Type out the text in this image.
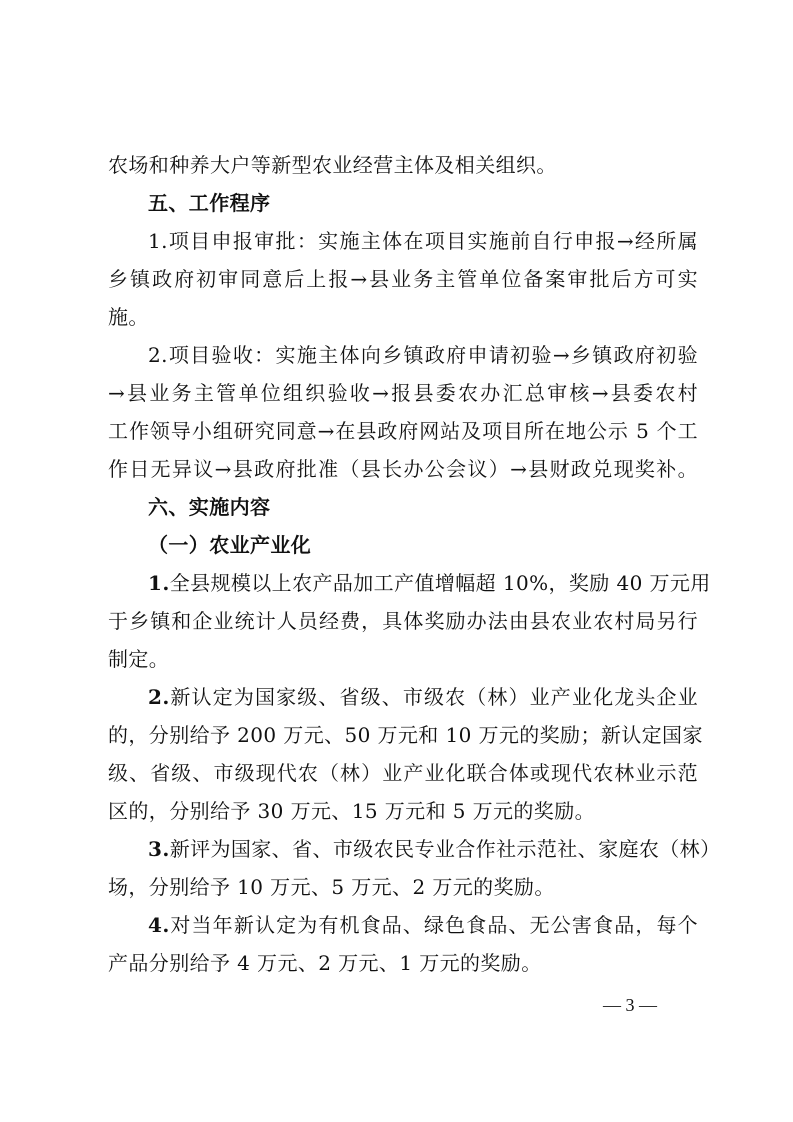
农场和种养大户等新型农业经营主体及相关组织。
五、工作程序
1.项目申报审批：实施主体在项目实施前自行申报→经所属
乡镇政府初审同意后上报→县业务主管单位备案审批后方可实
施。
2.项目验收：实施主体向乡镇政府申请初验→乡镇政府初验
→县业务主管单位组织验收→报县委农办汇总审核→县委农村
工作领导小组研究同意→在县政府网站及项目所在地公示 5 个工
作日无异议→县政府批准（县长办公会议）→县财政兑现奖补。
六、实施内容
（一）农业产业化
1.全县规模以上农产品加工产值增幅超 10%，奖励 40 万元用
于乡镇和企业统计人员经费，具体奖励办法由县农业农村局另行
制定。
2.新认定为国家级、省级、市级农（林）业产业化龙头企业
的，分别给予 200 万元、50 万元和 10 万元的奖励；新认定国家
级、省级、市级现代农（林）业产业化联合体或现代农林业示范
区的，分别给予 30 万元、15 万元和 5 万元的奖励。
3.新评为国家、省、市级农民专业合作社示范社、家庭农（林）
场，分别给予 10 万元、5 万元、2 万元的奖励。
4.对当年新认定为有机食品、绿色食品、无公害食品，每个
产品分别给予 4 万元、2 万元、1 万元的奖励。
— 3 —
